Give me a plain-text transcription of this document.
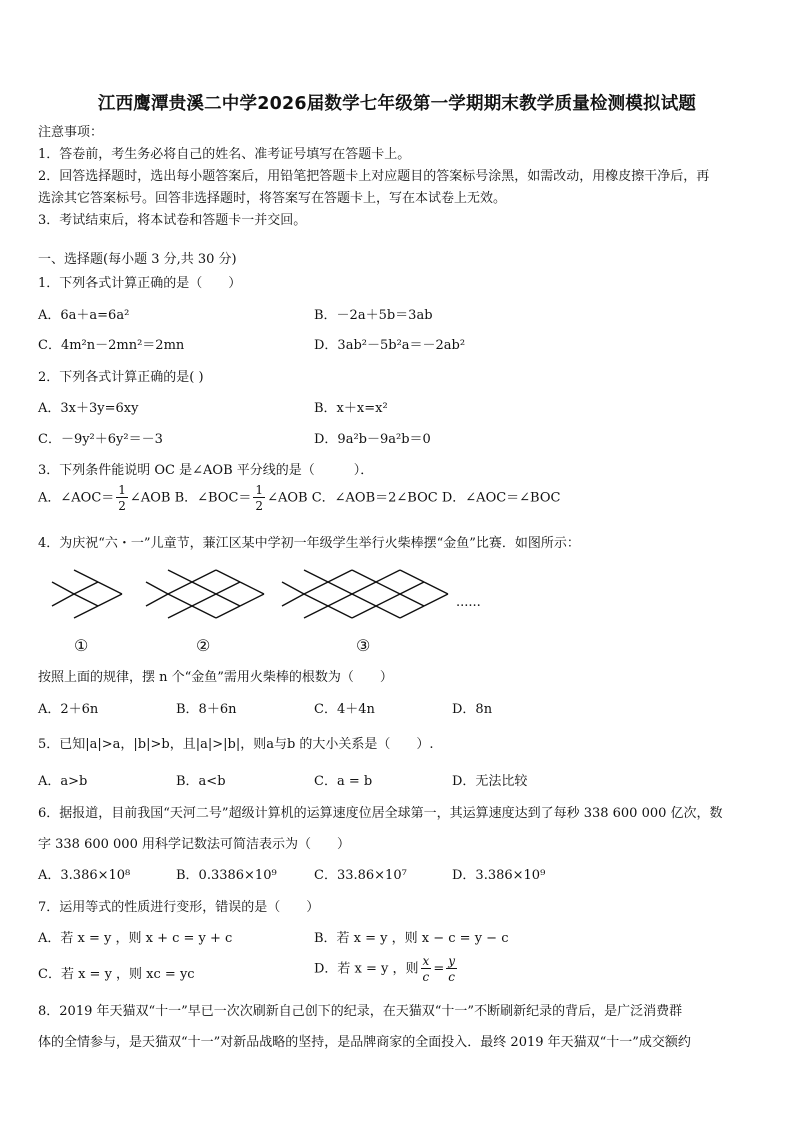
江西鹰潭贵溪二中学2026届数学七年级第一学期期末教学质量检测模拟试题
注意事项：
1．答卷前，考生务必将自己的姓名、准考证号填写在答题卡上。
2．回答选择题时，选出每小题答案后，用铅笔把答题卡上对应题目的答案标号涂黑，如需改动，用橡皮擦干净后，再
选涂其它答案标号。回答非选择题时，将答案写在答题卡上，写在本试卷上无效。
3．考试结束后，将本试卷和答题卡一并交回。
一、选择题(每小题 3 分,共 30 分)
1．下列各式计算正确的是（　　）
A．6a＋a=6a²	B．－2a＋5b＝3ab
C．4m²n－2mn²＝2mn	D．3ab²－5b²a＝－2ab²
2．下列各式计算正确的是( )
A．3x＋3y=6xy	B．x＋x=x²
C．－9y²＋6y²＝－3	D．9a²b－9a²b＝0
3．下列条件能说明 OC 是∠AOB 平分线的是（　　　）．
A．∠AOC＝ $\frac{1}{2}$ ∠AOB B．∠BOC＝ $\frac{1}{2}$ ∠AOB C．∠AOB＝2∠BOC D．∠AOC＝∠BOC
4．为庆祝“六・一”儿童节，蒹江区某中学初一年级学生举行火柴棒摆“金鱼”比赛．如图所示：
......
①	②	③
按照上面的规律，摆 n 个“金鱼”需用火柴棒的根数为（　　）
A．2＋6n	B．8＋6n	C．4＋4n	D．8n
5．已知|a|>a，|b|>b，且|a|>|b|，则a与b 的大小关系是（　　）.
A．a>b	B．a<b	C．a = b	D．无法比较
6．据报道，目前我国“天河二号”超级计算机的运算速度位居全球第一，其运算速度达到了每秒 338 600 000 亿次，数
字 338 600 000 用科学记数法可简洁表示为（　　）
A．3.386×10⁸	B．0.3386×10⁹	C．33.86×10⁷	D．3.386×10⁹
7．运用等式的性质进行变形，错误的是（　　）
A．若 x = y ，则 x + c = y + c	B．若 x = y ，则 x − c = y − c
C．若 x = y ，则 xc = yc	D．若 x = y ，则 $\frac{x}{c} = \frac{y}{c}$
8．2019 年天猫双“十一”早已一次次刷新自己创下的纪录，在天猫双“十一”不断刷新纪录的背后，是广泛消费群
体的全情参与，是天猫双“十一”对新品战略的坚持，是品牌商家的全面投入．最终 2019 年天猫双“十一”成交额约
